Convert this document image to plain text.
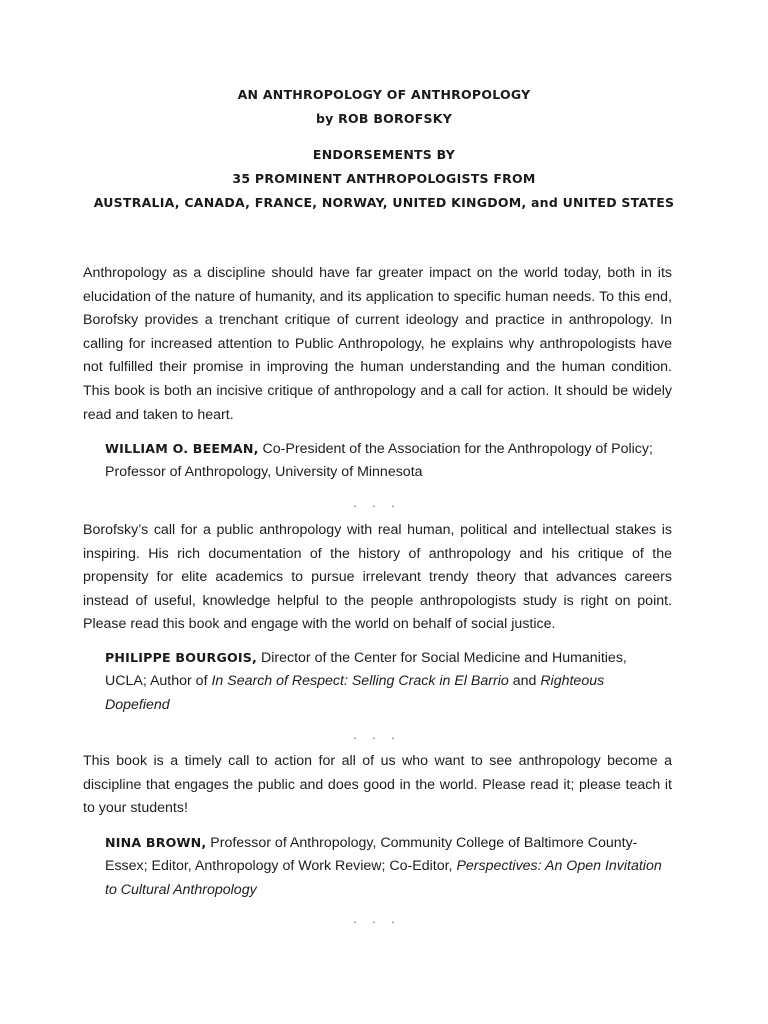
AN ANTHROPOLOGY OF ANTHROPOLOGY
by ROB BOROFSKY
ENDORSEMENTS BY
35 PROMINENT ANTHROPOLOGISTS FROM
AUSTRALIA, CANADA, FRANCE, NORWAY, UNITED KINGDOM, and UNITED STATES

Anthropology as a discipline should have far greater impact on the world today, both in its elucidation of the nature of humanity, and its application to specific human needs. To this end, Borofsky provides a trenchant critique of current ideology and practice in anthropology. In calling for increased attention to Public Anthropology, he explains why anthropologists have not fulfilled their promise in improving the human understanding and the human condition. This book is both an incisive critique of anthropology and a call for action. It should be widely read and taken to heart.

WILLIAM O. BEEMAN, Co-President of the Association for the Anthropology of Policy; Professor of Anthropology, University of Minnesota

. . .

Borofsky’s call for a public anthropology with real human, political and intellectual stakes is inspiring. His rich documentation of the history of anthropology and his critique of the propensity for elite academics to pursue irrelevant trendy theory that advances careers instead of useful, knowledge helpful to the people anthropologists study is right on point. Please read this book and engage with the world on behalf of social justice.

PHILIPPE BOURGOIS, Director of the Center for Social Medicine and Humanities, UCLA; Author of In Search of Respect: Selling Crack in El Barrio and Righteous Dopefiend

. . .

This book is a timely call to action for all of us who want to see anthropology become a discipline that engages the public and does good in the world. Please read it; please teach it to your students!

NINA BROWN, Professor of Anthropology, Community College of Baltimore County-Essex; Editor, Anthropology of Work Review; Co-Editor, Perspectives: An Open Invitation to Cultural Anthropology

. . .
